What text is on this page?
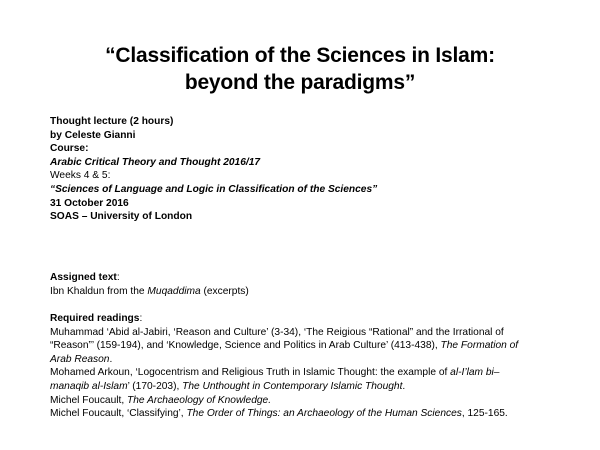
“Classification of the Sciences in Islam:
beyond the paradigms”
Thought lecture (2 hours)
by Celeste Gianni
Course:
Arabic Critical Theory and Thought 2016/17
Weeks 4 & 5:
“Sciences of Language and Logic in Classification of the Sciences”
31 October 2016
SOAS – University of London
Assigned text:
Ibn Khaldun from the Muqaddima (excerpts)
Required readings:
Muhammad ‘Abid al-Jabiri, ‘Reason and Culture’ (3-34), ‘The Reigious “Rational” and the Irrational of
“Reason”’ (159-194), and ‘Knowledge, Science and Politics in Arab Culture’ (413-438), The Formation of
Arab Reason.
Mohamed Arkoun, ‘Logocentrism and Religious Truth in Islamic Thought: the example of al-I’lam bi–
manaqib al-Islam’ (170-203), The Unthought in Contemporary Islamic Thought.
Michel Foucault, The Archaeology of Knowledge.
Michel Foucault, ‘Classifying’, The Order of Things: an Archaeology of the Human Sciences, 125-165.
